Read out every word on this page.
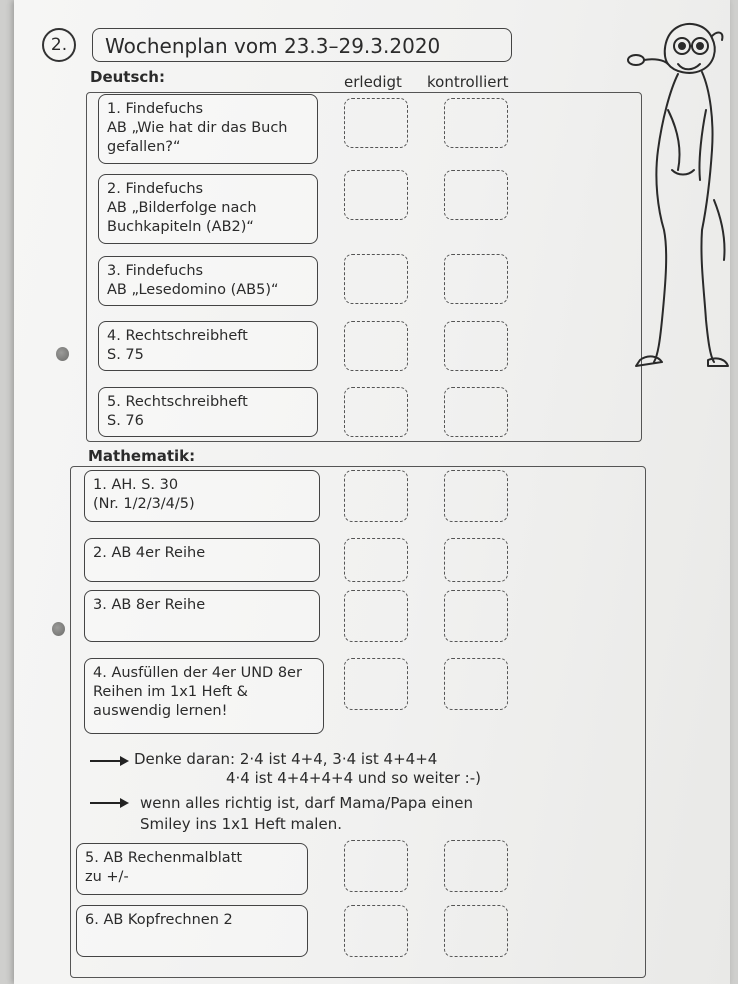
2.	Wochenplan vom 23.3–29.3.2020
Deutsch:	erledigt kontrolliert
Mathematik:
1. Findefuchs
AB „Wie hat dir das Buch gefallen?“
2. Findefuchs
AB „Bilderfolge nach Buchkapiteln (AB2)“
3. Findefuchs
AB „Lesedomino (AB5)“
4. Rechtschreibheft
S. 75
5. Rechtschreibheft
S. 76
1. AH. S. 30
(Nr. 1/2/3/4/5)
2. AB 4er Reihe
3. AB 8er Reihe
4. Ausfüllen der 4er UND 8er Reihen im 1x1 Heft & auswendig lernen!
Denke daran: 2·4 ist 4+4, 3·4 ist 4+4+4
4·4 ist 4+4+4+4 und so weiter :-)
wenn alles richtig ist, darf Mama/Papa einen
Smiley ins 1x1 Heft malen.
5. AB Rechenmalblatt
zu +/-
6. AB Kopfrechnen 2
